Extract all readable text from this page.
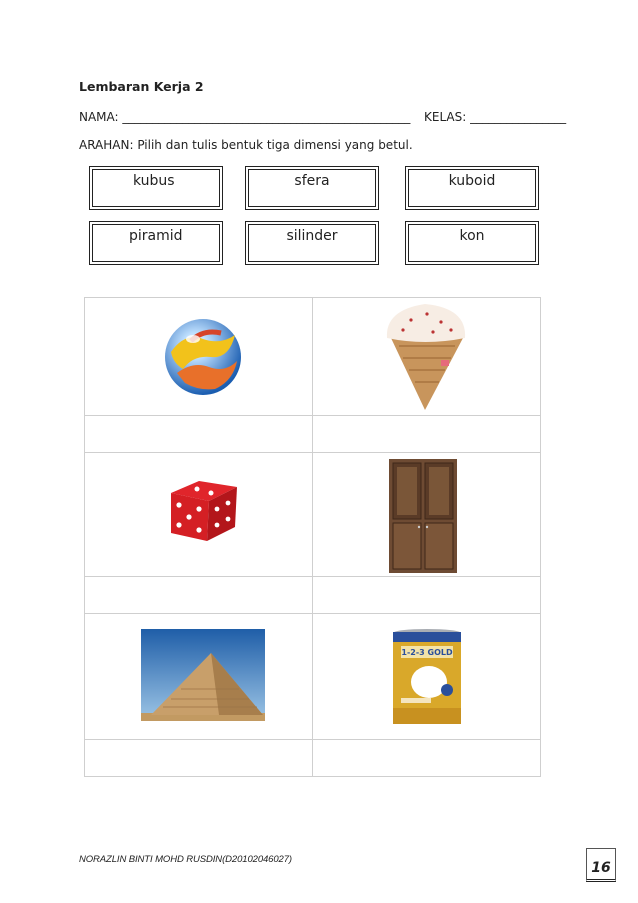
Lembaran Kerja 2
NAMA: ________________________________________________ KELAS: ________________
ARAHAN: Pilih dan tulis bentuk tiga dimensi yang betul.
kubus	sfera	kuboid
piramid	silinder	kon

1-2-3 GOLD

NORAZLIN BINTI MOHD RUSDIN(D20102046027)
16
